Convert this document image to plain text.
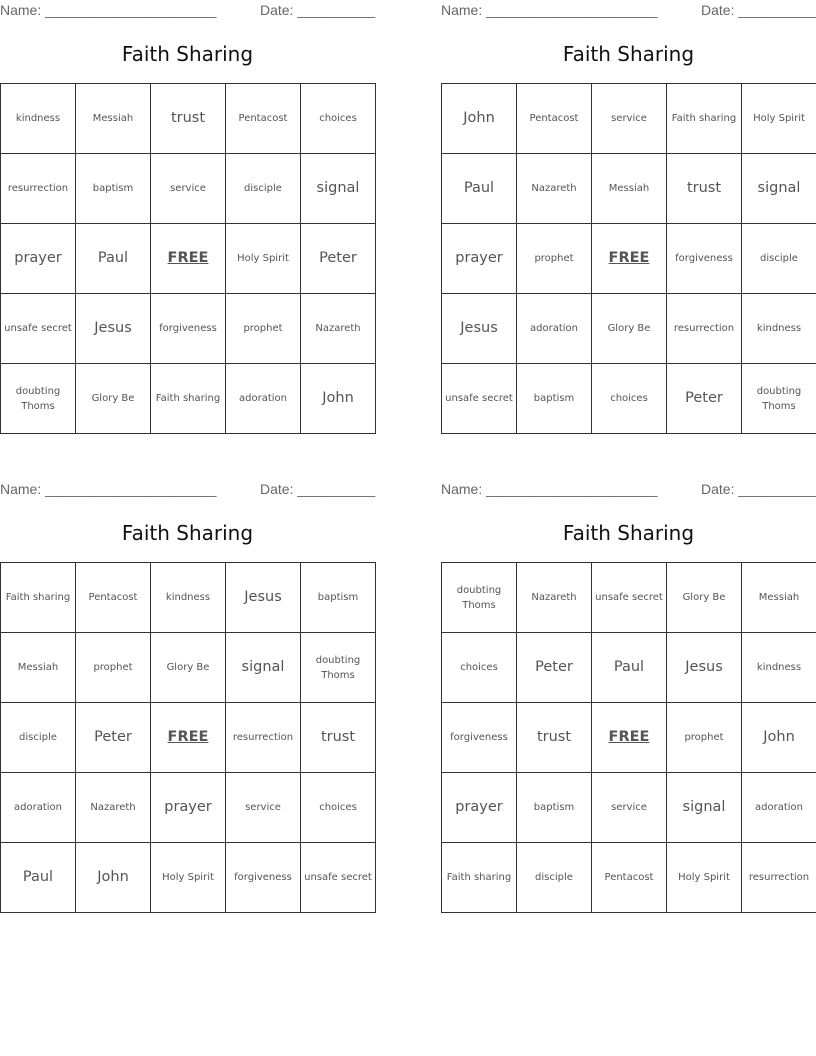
Name: ______________________	Date: __________
Faith Sharing
kindness	Messiah	trust	Pentacost	choices
resurrection	baptism	service	disciple	signal
prayer	Paul	FREE	Holy Spirit	Peter
unsafe secret	Jesus	forgiveness	prophet	Nazareth
doubting Thoms	Glory Be	Faith sharing	adoration	John
Name: ______________________	Date: __________
Faith Sharing
John	Pentacost	service	Faith sharing	Holy Spirit
Paul	Nazareth	Messiah	trust	signal
prayer	prophet	FREE	forgiveness	disciple
Jesus	adoration	Glory Be	resurrection	kindness
unsafe secret	baptism	choices	Peter	doubting Thoms
Name: ______________________	Date: __________
Faith Sharing
Faith sharing	Pentacost	kindness	Jesus	baptism
Messiah	prophet	Glory Be	signal	doubting Thoms
disciple	Peter	FREE	resurrection	trust
adoration	Nazareth	prayer	service	choices
Paul	John	Holy Spirit	forgiveness	unsafe secret
Name: ______________________	Date: __________
Faith Sharing
doubting Thoms	Nazareth	unsafe secret	Glory Be	Messiah
choices	Peter	Paul	Jesus	kindness
forgiveness	trust	FREE	prophet	John
prayer	baptism	service	signal	adoration
Faith sharing	disciple	Pentacost	Holy Spirit	resurrection
